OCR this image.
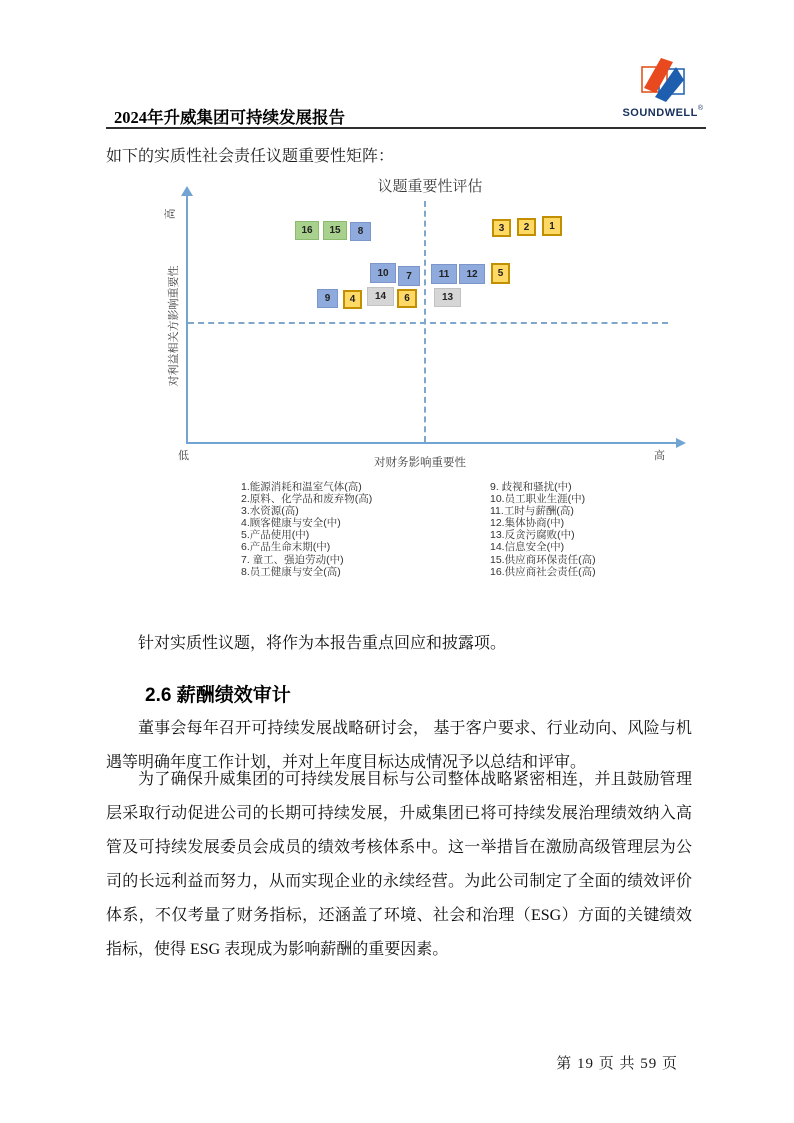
2024年升威集团可持续发展报告	SOUNDWELL®
如下的实质性社会责任议题重要性矩阵：
议题重要性评估
高
对利益相关方影响重要性
低	高
对财务影响重要性
1
2
3
4
5
6
7
8
9
10	11	12
13
14
15
16
1.能源消耗和温室气体(高)
2.原料、化学品和废弃物(高)
3.水资源(高)
4.顾客健康与安全(中)
5.产品使用(中)
6.产品生命末期(中)
7. 童工、强迫劳动(中)
8.员工健康与安全(高)
9. 歧视和骚扰(中)
10.员工职业生涯(中)
11.工时与薪酬(高)
12.集体协商(中)
13.反贪污腐败(中)
14.信息安全(中)
15.供应商环保责任(高)
16.供应商社会责任(高)

针对实质性议题，将作为本报告重点回应和披露项。

2.6 薪酬绩效审计

董事会每年召开可持续发展战略研讨会， 基于客户要求、行业动向、风险与机遇等明确年度工作计划，并对上年度目标达成情况予以总结和评审。

为了确保升威集团的可持续发展目标与公司整体战略紧密相连，并且鼓励管理层采取行动促进公司的长期可持续发展，升威集团已将可持续发展治理绩效纳入高管及可持续发展委员会成员的绩效考核体系中。这一举措旨在激励高级管理层为公司的长远利益而努力，从而实现企业的永续经营。为此公司制定了全面的绩效评价体系，不仅考量了财务指标，还涵盖了环境、社会和治理（ESG）方面的关键绩效指标，使得 ESG 表现成为影响薪酬的重要因素。

第 19 页 共 59 页
